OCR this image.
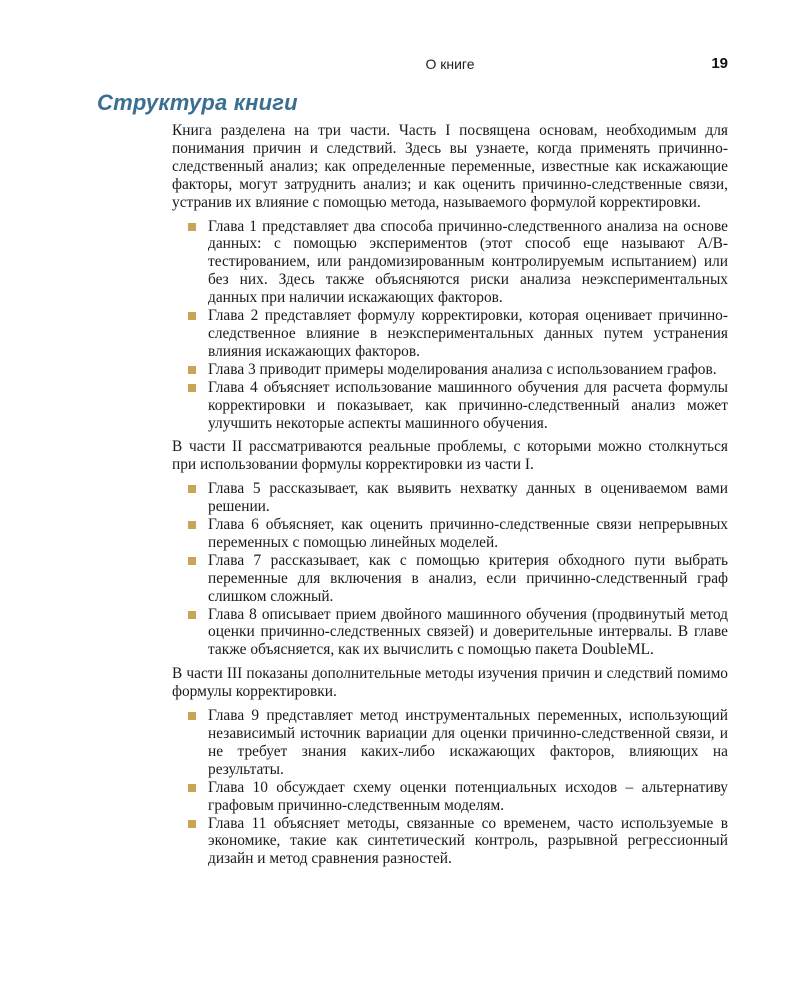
О книге	19
Структура книги

Книга разделена на три части. Часть I посвящена основам, необходимым для понимания причин и следствий. Здесь вы узнаете, когда применять причинно-следственный анализ; как определенные переменные, известные как искажающие факторы, могут затруднить анализ; и как оценить причинно-следственные связи, устранив их влияние с помощью метода, называемого формулой корректировки.

Глава 1 представляет два способа причинно-следственного анализа на основе данных: с помощью экспериментов (этот способ еще называют A/B-тестированием, или рандомизированным контролируемым испытанием) или без них. Здесь также объясняются риски анализа неэкспериментальных данных при наличии искажающих факторов.
Глава 2 представляет формулу корректировки, которая оценивает причинно-следственное влияние в неэкспериментальных данных путем устранения влияния искажающих факторов.
Глава 3 приводит примеры моделирования анализа с использованием графов.
Глава 4 объясняет использование машинного обучения для расчета формулы корректировки и показывает, как причинно-следственный анализ может улучшить некоторые аспекты машинного обучения.

В части II рассматриваются реальные проблемы, с которыми можно столкнуться при использовании формулы корректировки из части I.

Глава 5 рассказывает, как выявить нехватку данных в оцениваемом вами решении.
Глава 6 объясняет, как оценить причинно-следственные связи непрерывных переменных с помощью линейных моделей.
Глава 7 рассказывает, как с помощью критерия обходного пути выбрать переменные для включения в анализ, если причинно-следственный граф слишком сложный.
Глава 8 описывает прием двойного машинного обучения (продвинутый метод оценки причинно-следственных связей) и доверительные интервалы. В главе также объясняется, как их вычислить с помощью пакета DoubleML.

В части III показаны дополнительные методы изучения причин и следствий помимо формулы корректировки.

Глава 9 представляет метод инструментальных переменных, использующий независимый источник вариации для оценки причинно-следственной связи, и не требует знания каких-либо искажающих факторов, влияющих на результаты.
Глава 10 обсуждает схему оценки потенциальных исходов – альтернативу графовым причинно-следственным моделям.
Глава 11 объясняет методы, связанные со временем, часто используемые в экономике, такие как синтетический контроль, разрывной регрессионный дизайн и метод сравнения разностей.
